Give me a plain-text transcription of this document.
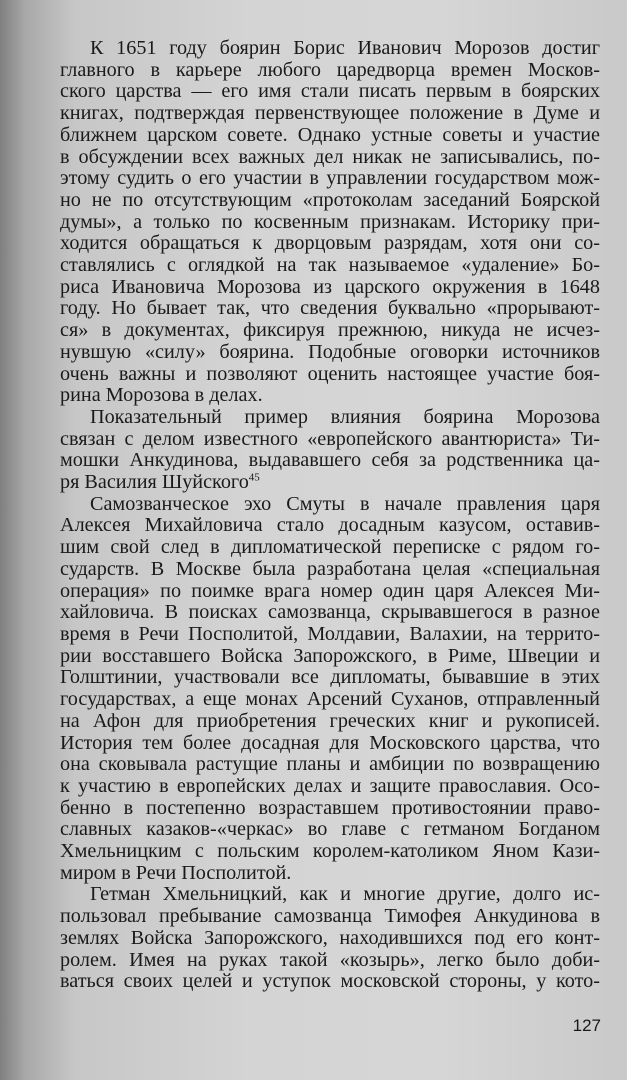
К 1651 году боярин Борис Иванович Морозов достиг
главного в карьере любого царедворца времен Москов-
ского царства — его имя стали писать первым в боярских
книгах, подтверждая первенствующее положение в Думе и
ближнем царском совете. Однако устные советы и участие
в обсуждении всех важных дел никак не записывались, по-
этому судить о его участии в управлении государством мож-
но не по отсутствующим «протоколам заседаний Боярской
думы», а только по косвенным признакам. Историку при-
ходится обращаться к дворцовым разрядам, хотя они со-
ставлялись с оглядкой на так называемое «удаление» Бо-
риса Ивановича Морозова из царского окружения в 1648
году. Но бывает так, что сведения буквально «прорывают-
ся» в документах, фиксируя прежнюю, никуда не исчез-
нувшую «силу» боярина. Подобные оговорки источников
очень важны и позволяют оценить настоящее участие боя-
рина Морозова в делах.
Показательный пример влияния боярина Морозова
связан с делом известного «европейского авантюриста» Ти-
мошки Анкудинова, выдававшего себя за родственника ца-
ря Василия Шуйского$^{45}$
Самозванческое эхо Смуты в начале правления царя
Алексея Михайловича стало досадным казусом, оставив-
шим свой след в дипломатической переписке с рядом го-
сударств. В Москве была разработана целая «специальная
операция» по поимке врага номер один царя Алексея Ми-
хайловича. В поисках самозванца, скрывавшегося в разное
время в Речи Посполитой, Молдавии, Валахии, на террито-
рии восставшего Войска Запорожского, в Риме, Швеции и
Голштинии, участвовали все дипломаты, бывавшие в этих
государствах, а еще монах Арсений Суханов, отправленный
на Афон для приобретения греческих книг и рукописей.
История тем более досадная для Московского царства, что
она сковывала растущие планы и амбиции по возвращению
к участию в европейских делах и защите православия. Осо-
бенно в постепенно возраставшем противостоянии право-
славных казаков-«черкас» во главе с гетманом Богданом
Хмельницким с польским королем-католиком Яном Кази-
миром в Речи Посполитой.
Гетман Хмельницкий, как и многие другие, долго ис-
пользовал пребывание самозванца Тимофея Анкудинова в
землях Войска Запорожского, находившихся под его конт-
ролем. Имея на руках такой «козырь», легко было доби-
ваться своих целей и уступок московской стороны, у кото-
127
